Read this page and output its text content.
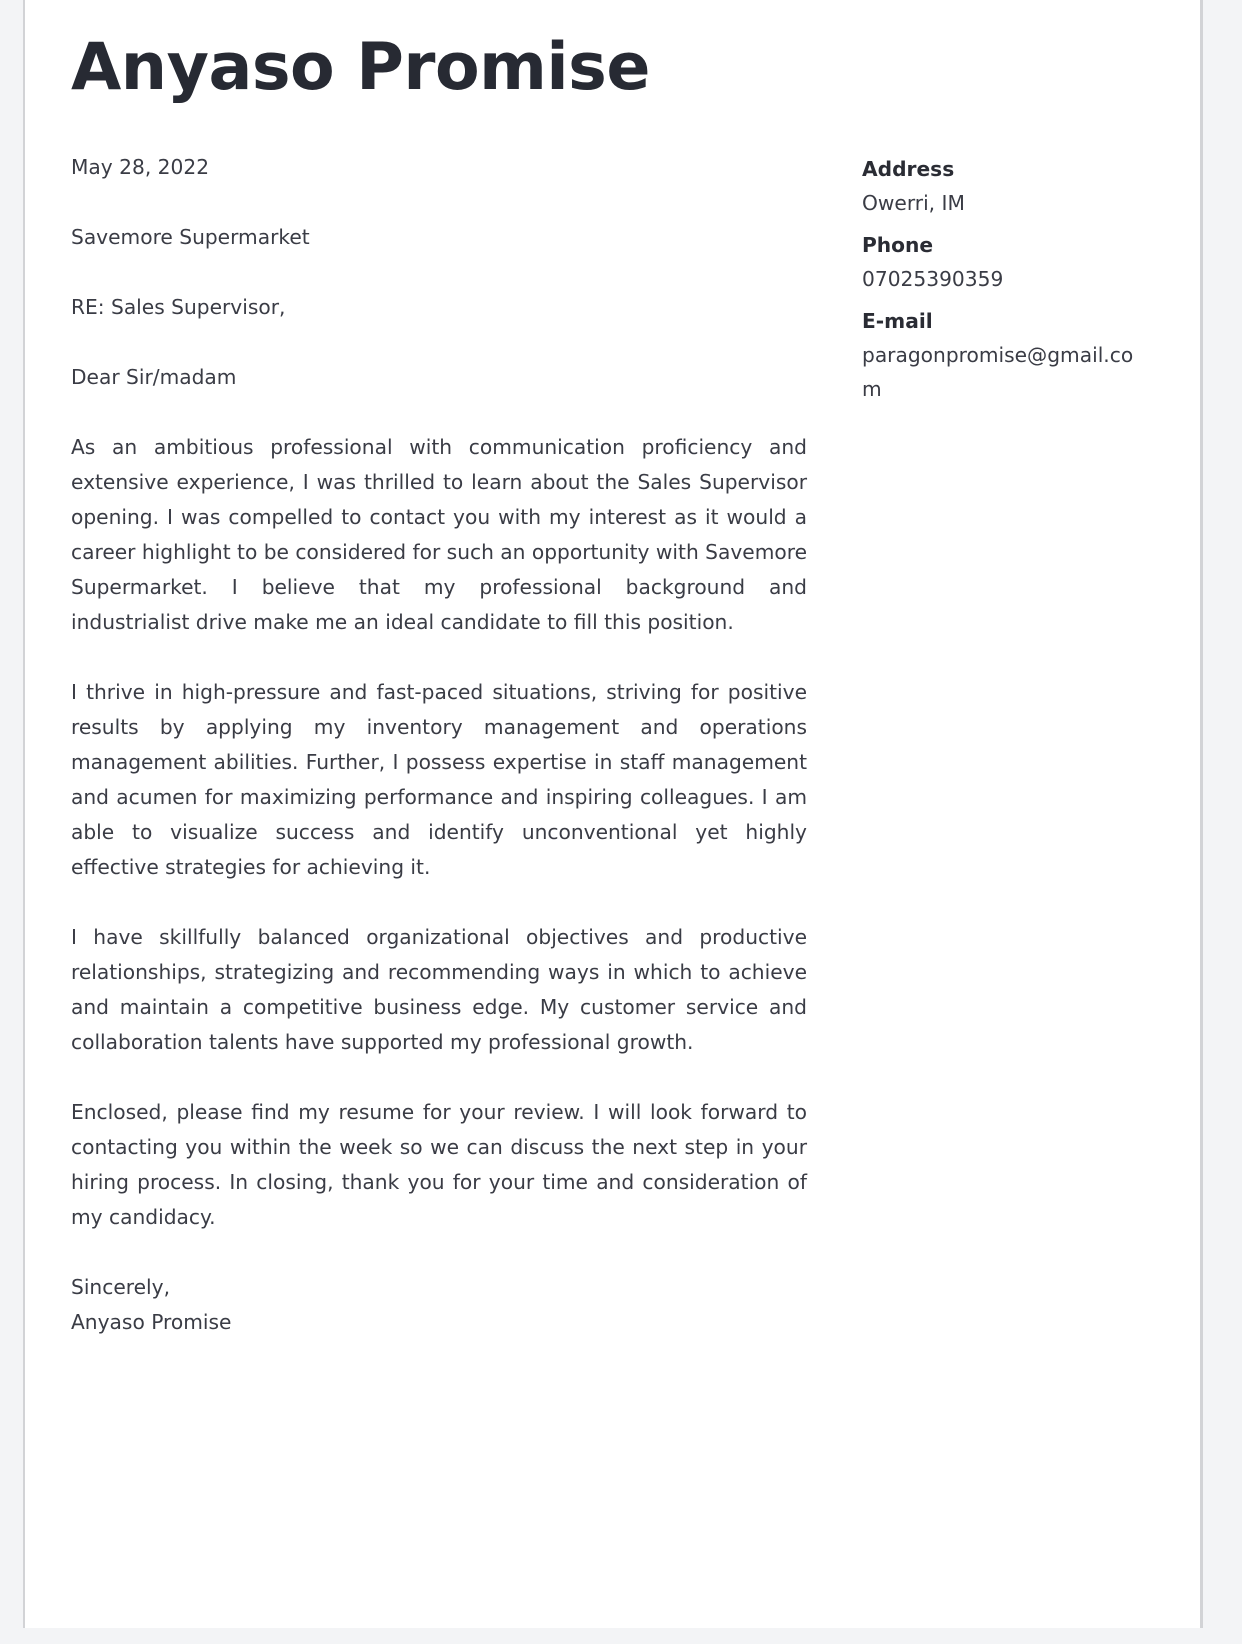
Anyaso Promise
May 28, 2022
Savemore Supermarket
RE: Sales Supervisor,
Dear Sir/madam

As an ambitious professional with communication proficiency and extensive experience, I was thrilled to learn about the Sales Supervisor opening. I was compelled to contact you with my interest as it would a career highlight to be considered for such an opportunity with Savemore Supermarket. I believe that my professional background and industrialist drive make me an ideal candidate to fill this position.

I thrive in high-pressure and fast-paced situations, striving for positive results by applying my inventory management and operations management abilities. Further, I possess expertise in staff management and acumen for maximizing performance and inspiring colleagues. I am able to visualize success and identify unconventional yet highly effective strategies for achieving it.

I have skillfully balanced organizational objectives and productive relationships, strategizing and recommending ways in which to achieve and maintain a competitive business edge. My customer service and collaboration talents have supported my professional growth.

Enclosed, please find my resume for your review. I will look forward to contacting you within the week so we can discuss the next step in your hiring process. In closing, thank you for your time and consideration of my candidacy.

Sincerely,
Anyaso Promise
Address
Owerri, IM
Phone
07025390359
E-mail
paragonpromise@gmail.com
